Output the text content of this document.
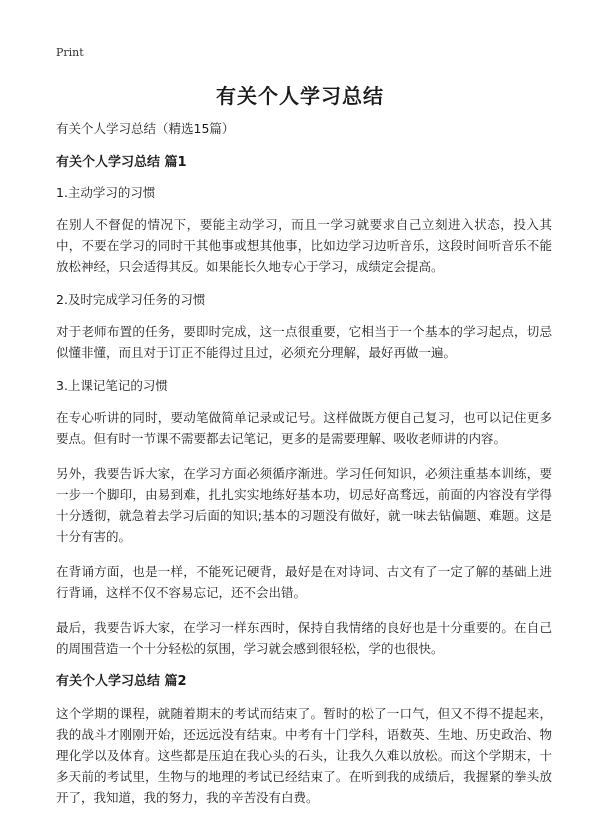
Print
有关个人学习总结

有关个人学习总结（精选15篇）

有关个人学习总结 篇1

1.主动学习的习惯

在别人不督促的情况下，要能主动学习，而且一学习就要求自己立刻进入状态，投入其中，不要在学习的同时干其他事或想其他事，比如边学习边听音乐，这段时间听音乐不能放松神经，只会适得其反。如果能长久地专心于学习，成绩定会提高。

2.及时完成学习任务的习惯

对于老师布置的任务，要即时完成，这一点很重要，它相当于一个基本的学习起点，切忌似懂非懂，而且对于订正不能得过且过，必须充分理解，最好再做一遍。

3.上课记笔记的习惯

在专心听讲的同时，要动笔做简单记录或记号。这样做既方便自己复习，也可以记住更多要点。但有时一节课不需要都去记笔记，更多的是需要理解、吸收老师讲的内容。

另外，我要告诉大家，在学习方面必须循序渐进。学习任何知识，必须注重基本训练，要一步一个脚印，由易到难，扎扎实实地练好基本功，切忌好高骛远，前面的内容没有学得十分透彻，就急着去学习后面的知识;基本的习题没有做好，就一味去钻偏题、难题。这是十分有害的。

在背诵方面，也是一样，不能死记硬背，最好是在对诗词、古文有了一定了解的基础上进行背诵，这样不仅不容易忘记，还不会出错。

最后，我要告诉大家，在学习一样东西时，保持自我情绪的良好也是十分重要的。在自己的周围营造一个十分轻松的氛围，学习就会感到很轻松，学的也很快。

有关个人学习总结 篇2

这个学期的课程，就随着期末的考试而结束了。暂时的松了一口气，但又不得不提起来，我的战斗才刚刚开始，还远远没有结束。中考有十门学科，语数英、生地、历史政治、物理化学以及体育。这些都是压迫在我心头的石头，让我久久难以放松。而这个学期末，十多天前的考试里，生物与的地理的考试已经结束了。在听到我的成绩后，我握紧的拳头放开了，我知道，我的努力，我的辛苦没有白费。
